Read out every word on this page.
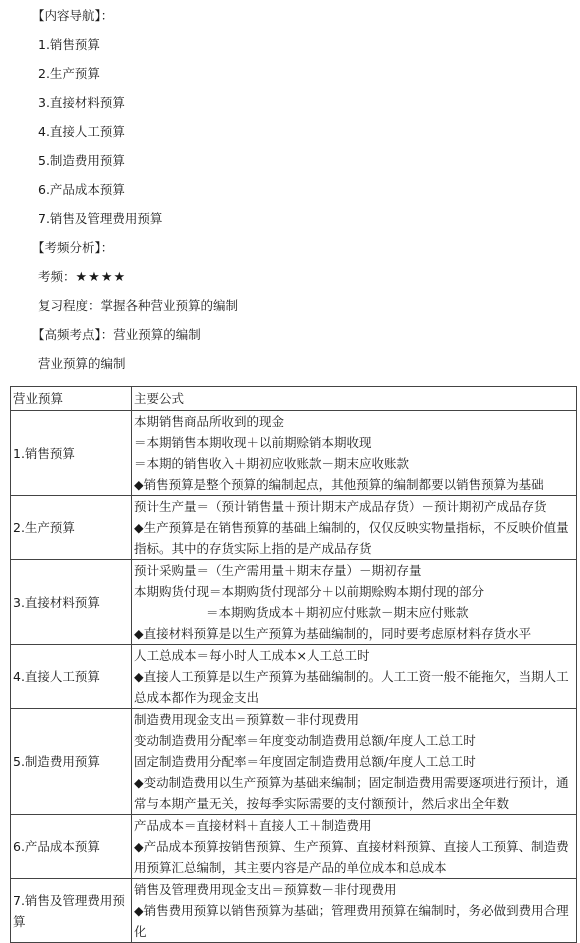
【内容导航】：
1.销售预算
2.生产预算
3.直接材料预算
4.直接人工预算
5.制造费用预算
6.产品成本预算
7.销售及管理费用预算
【考频分析】：
考频：★★★★
复习程度：掌握各种营业预算的编制
【高频考点】：营业预算的编制
营业预算的编制
营业预算	主要公式
1.销售预算	本期销售商品所收到的现金
＝本期销售本期收现＋以前期赊销本期收现
＝本期的销售收入＋期初应收账款－期末应收账款
◆销售预算是整个预算的编制起点，其他预算的编制都要以销售预算为基础

2.生产预算	预计生产量＝（预计销售量＋预计期末产成品存货）－预计期初产成品存货
◆生产预算是在销售预算的基础上编制的，仅仅反映实物量指标，不反映价值量指标。其中的存货实际上指的是产成品存货

3.直接材料预算	预计采购量＝（生产需用量＋期末存量）－期初存量
本期购货付现＝本期购货付现部分＋以前期赊购本期付现的部分
＝本期购货成本＋期初应付账款－期末应付账款
◆直接材料预算是以生产预算为基础编制的，同时要考虑原材料存货水平

4.直接人工预算	人工总成本＝每小时人工成本×人工总工时
◆直接人工预算是以生产预算为基础编制的。人工工资一般不能拖欠，当期人工总成本都作为现金支出

5.制造费用预算	制造费用现金支出＝预算数－非付现费用
变动制造费用分配率＝年度变动制造费用总额/年度人工总工时
固定制造费用分配率＝年度固定制造费用总额/年度人工总工时
◆变动制造费用以生产预算为基础来编制；固定制造费用需要逐项进行预计，通常与本期产量无关，按每季实际需要的支付额预计，然后求出全年数

6.产品成本预算	产品成本＝直接材料＋直接人工＋制造费用
◆产品成本预算按销售预算、生产预算、直接材料预算、直接人工预算、制造费用预算汇总编制，其主要内容是产品的单位成本和总成本

7.销售及管理费用预算	销售及管理费用现金支出＝预算数－非付现费用
◆销售费用预算以销售预算为基础；管理费用预算在编制时，务必做到费用合理化
